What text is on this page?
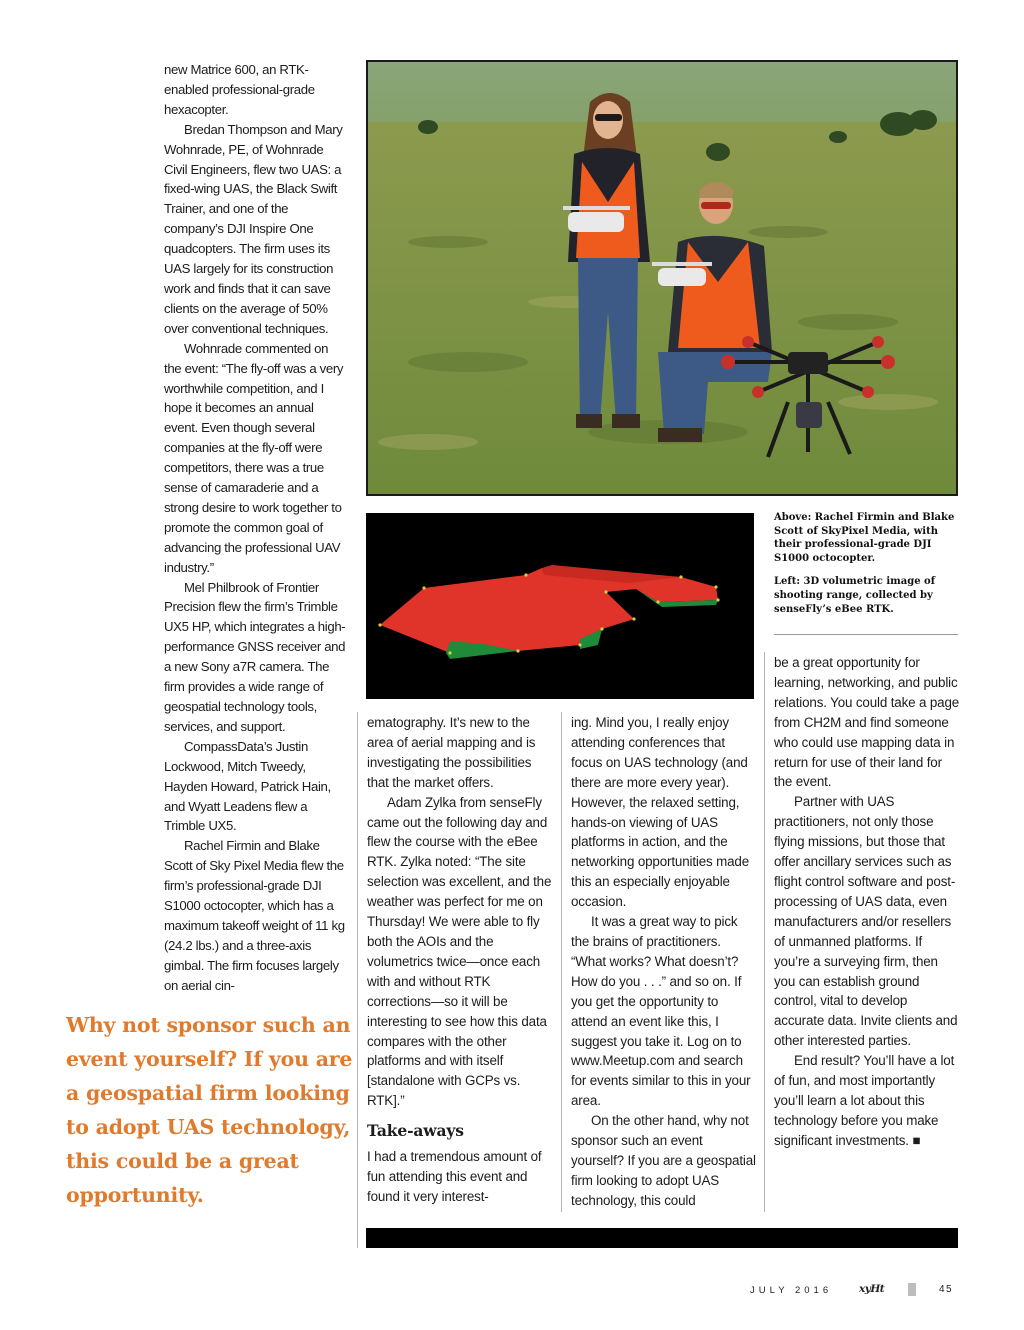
Above: Rachel Firmin and Blake Scott of SkyPixel Media, with their professional-grade DJI S1000 octocopter.

Left: 3D volumetric image of shooting range, collected by senseFly’s eBee RTK.

new Matrice 600, an RTK-enabled professional-grade hexacopter.

Bredan Thompson and Mary Wohnrade, PE, of Wohnrade Civil Engineers, flew two UAS: a fixed-wing UAS, the Black Swift Trainer, and one of the company’s DJI Inspire One quadcopters. The firm uses its UAS largely for its construction work and finds that it can save clients on the average of 50% over conventional techniques.

Wohnrade commented on the event: “The fly-off was a very worthwhile competition, and I hope it becomes an annual event. Even though several companies at the fly-off were competitors, there was a true sense of camaraderie and a strong desire to work together to promote the common goal of advancing the professional UAV industry.”

Mel Philbrook of Frontier Precision flew the firm’s Trimble UX5 HP, which integrates a high-performance GNSS receiver and a new Sony a7R camera. The firm provides a wide range of geospatial technology tools, services, and support.

CompassData’s Justin Lockwood, Mitch Tweedy, Hayden Howard, Patrick Hain, and Wyatt Leadens flew a Trimble UX5.

Rachel Firmin and Blake Scott of Sky Pixel Media flew the firm’s professional-grade DJI S1000 octocopter, which has a maximum takeoff weight of 11 kg (24.2 lbs.) and a three-axis gimbal. The firm focuses largely on aerial cin-

Why not sponsor such an event yourself? If you are a geospatial firm looking to adopt UAS technology, this could be a great opportunity.

ematography. It’s new to the area of aerial mapping and is investigating the possibilities that the market offers.

Adam Zylka from senseFly came out the following day and flew the course with the eBee RTK. Zylka noted: “The site selection was excellent, and the weather was perfect for me on Thursday! We were able to fly both the AOIs and the volumetrics twice—once each with and without RTK corrections—so it will be interesting to see how this data compares with the other platforms and with itself [standalone with GCPs vs. RTK].”

Take-aways

I had a tremendous amount of fun attending this event and found it very interest-

ing. Mind you, I really enjoy attending conferences that focus on UAS technology (and there are more every year). However, the relaxed setting, hands-on viewing of UAS platforms in action, and the networking opportunities made this an especially enjoyable occasion.

It was a great way to pick the brains of practitioners. “What works? What doesn’t? How do you . . .” and so on. If you get the opportunity to attend an event like this, I suggest you take it. Log on to www.Meetup.com and search for events similar to this in your area.

On the other hand, why not sponsor such an event yourself? If you are a geospatial firm looking to adopt UAS technology, this could

be a great opportunity for learning, networking, and public relations. You could take a page from CH2M and find someone who could use mapping data in return for use of their land for the event.

Partner with UAS practitioners, not only those flying missions, but those that offer ancillary services such as flight control software and post-processing of UAS data, even manufacturers and/or resellers of unmanned platforms. If you’re a surveying firm, then you can establish ground control, vital to develop accurate data. Invite clients and other interested parties.

End result? You’ll have a lot of fun, and most importantly you’ll learn a lot about this technology before you make significant investments. ■

JULY 2016	xyHt	45
